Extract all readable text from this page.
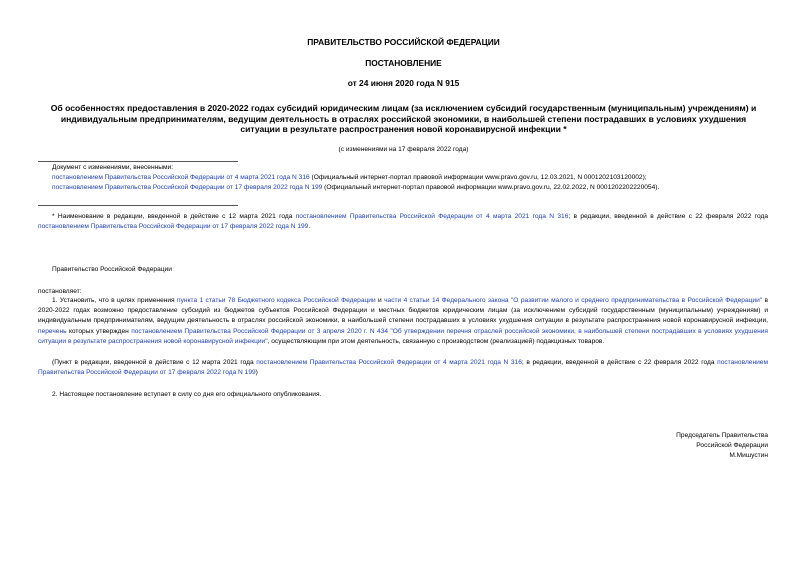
ПРАВИТЕЛЬСТВО РОССИЙСКОЙ ФЕДЕРАЦИИ
ПОСТАНОВЛЕНИЕ
от 24 июня 2020 года N 915
Об особенностях предоставления в 2020-2022 годах субсидий юридическим лицам (за исключением субсидий государственным (муниципальным) учреждениям) и
индивидуальным предпринимателям, ведущим деятельность в отраслях российской экономики, в наибольшей степени пострадавших в условиях ухудшения
ситуации в результате распространения новой коронавирусной инфекции *
(с изменениями на 17 февраля 2022 года)
Документ с изменениями, внесенными:
постановлением Правительства Российской Федерации от 4 марта 2021 года N 316 (Официальный интернет-портал правовой информации www.pravo.gov.ru, 12.03.2021, N 0001202103120002);
постановлением Правительства Российской Федерации от 17 февраля 2022 года N 199 (Официальный интернет-портал правовой информации www.pravo.gov.ru, 22.02.2022, N 0001202202220054).
* Наименование в редакции, введенной в действие с 12 марта 2021 года постановлением Правительства Российской Федерации от 4 марта 2021 года N 316; в редакции, введенной в действие с 22 февраля 2022 года постановлением Правительства Российской Федерации от 17 февраля 2022 года N 199.
Правительство Российской Федерации
постановляет:
1. Установить, что в целях применения пункта 1 статьи 78 Бюджетного кодекса Российской Федерации и части 4 статьи 14 Федерального закона "О развитии малого и среднего предпринимательства в Российской Федерации" в 2020-2022 годах возможно предоставление субсидий из бюджетов субъектов Российской Федерации и местных бюджетов юридическим лицам (за исключением субсидий государственным (муниципальным) учреждениям) и индивидуальным предпринимателям, ведущим деятельность в отраслях российской экономики, в наибольшей степени пострадавших в условиях ухудшения ситуации в результате распространения новой коронавирусной инфекции, перечень которых утвержден постановлением Правительства Российской Федерации от 3 апреля 2020 г. N 434 "Об утверждении перечня отраслей российской экономики, в наибольшей степени пострадавших в условиях ухудшения ситуации в результате распространения новой коронавирусной инфекции", осуществляющим при этом деятельность, связанную с производством (реализацией) подакцизных товаров.
(Пункт в редакции, введенной в действие с 12 марта 2021 года постановлением Правительства Российской Федерации от 4 марта 2021 года N 316; в редакции, введенной в действие с 22 февраля 2022 года постановлением Правительства Российской Федерации от 17 февраля 2022 года N 199)
2. Настоящее постановление вступает в силу со дня его официального опубликования.
Председатель Правительства
Российской Федерации
М.Мишустин
